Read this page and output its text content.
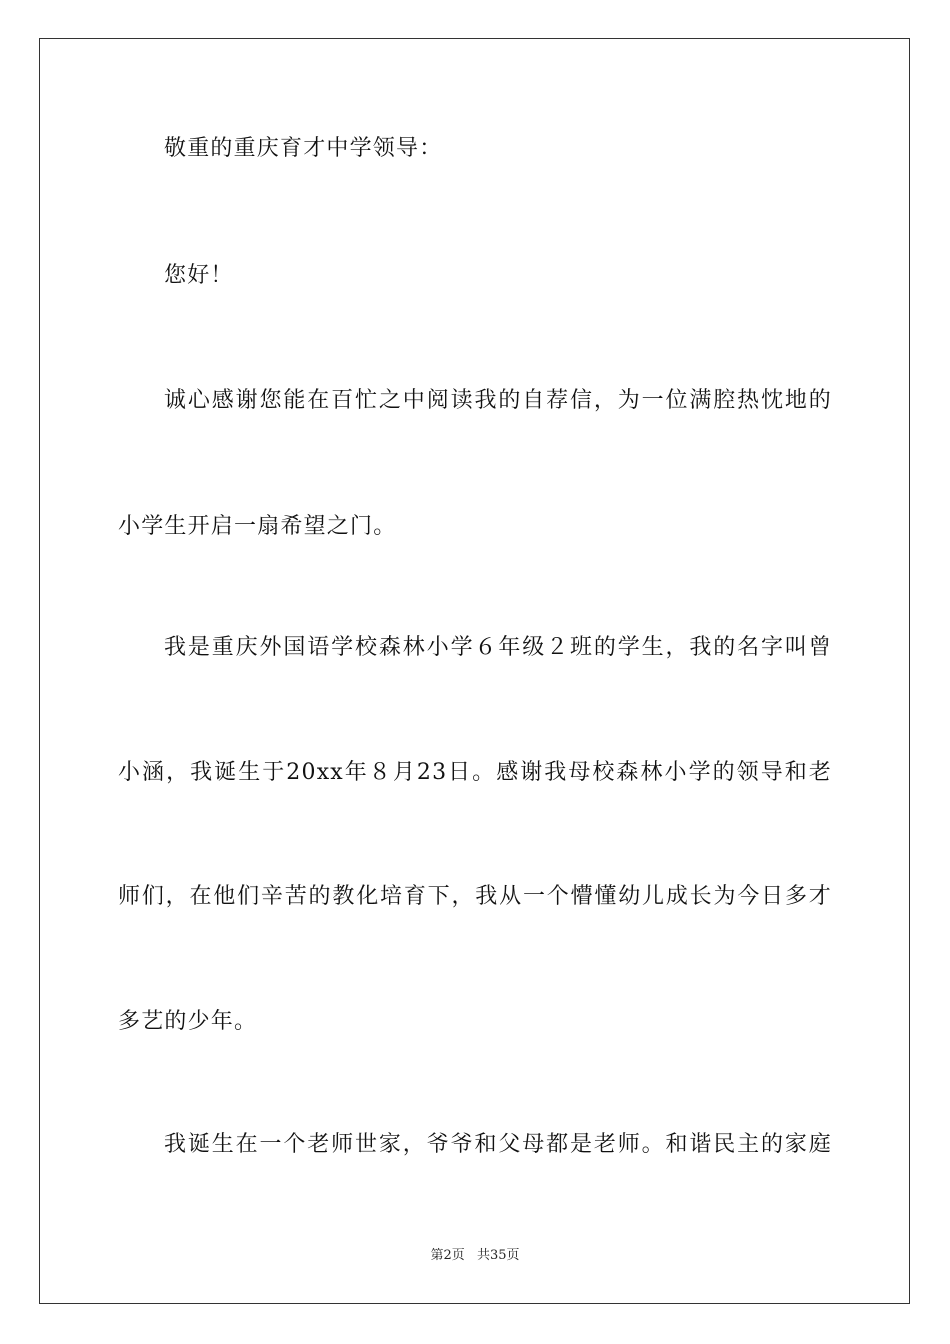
敬重的重庆育才中学领导：
您好！
诚心感谢您能在百忙之中阅读我的自荐信，为一位满腔热忱地的
小学生开启一扇希望之门。
我是重庆外国语学校森林小学６年级２班的学生，我的名字叫曾
小涵，我诞生于20xx年８月23日。感谢我母校森林小学的领导和老
师们，在他们辛苦的教化培育下，我从一个懵懂幼儿成长为今日多才
多艺的少年。
我诞生在一个老师世家，爷爷和父母都是老师。和谐民主的家庭
第2页 共35页
